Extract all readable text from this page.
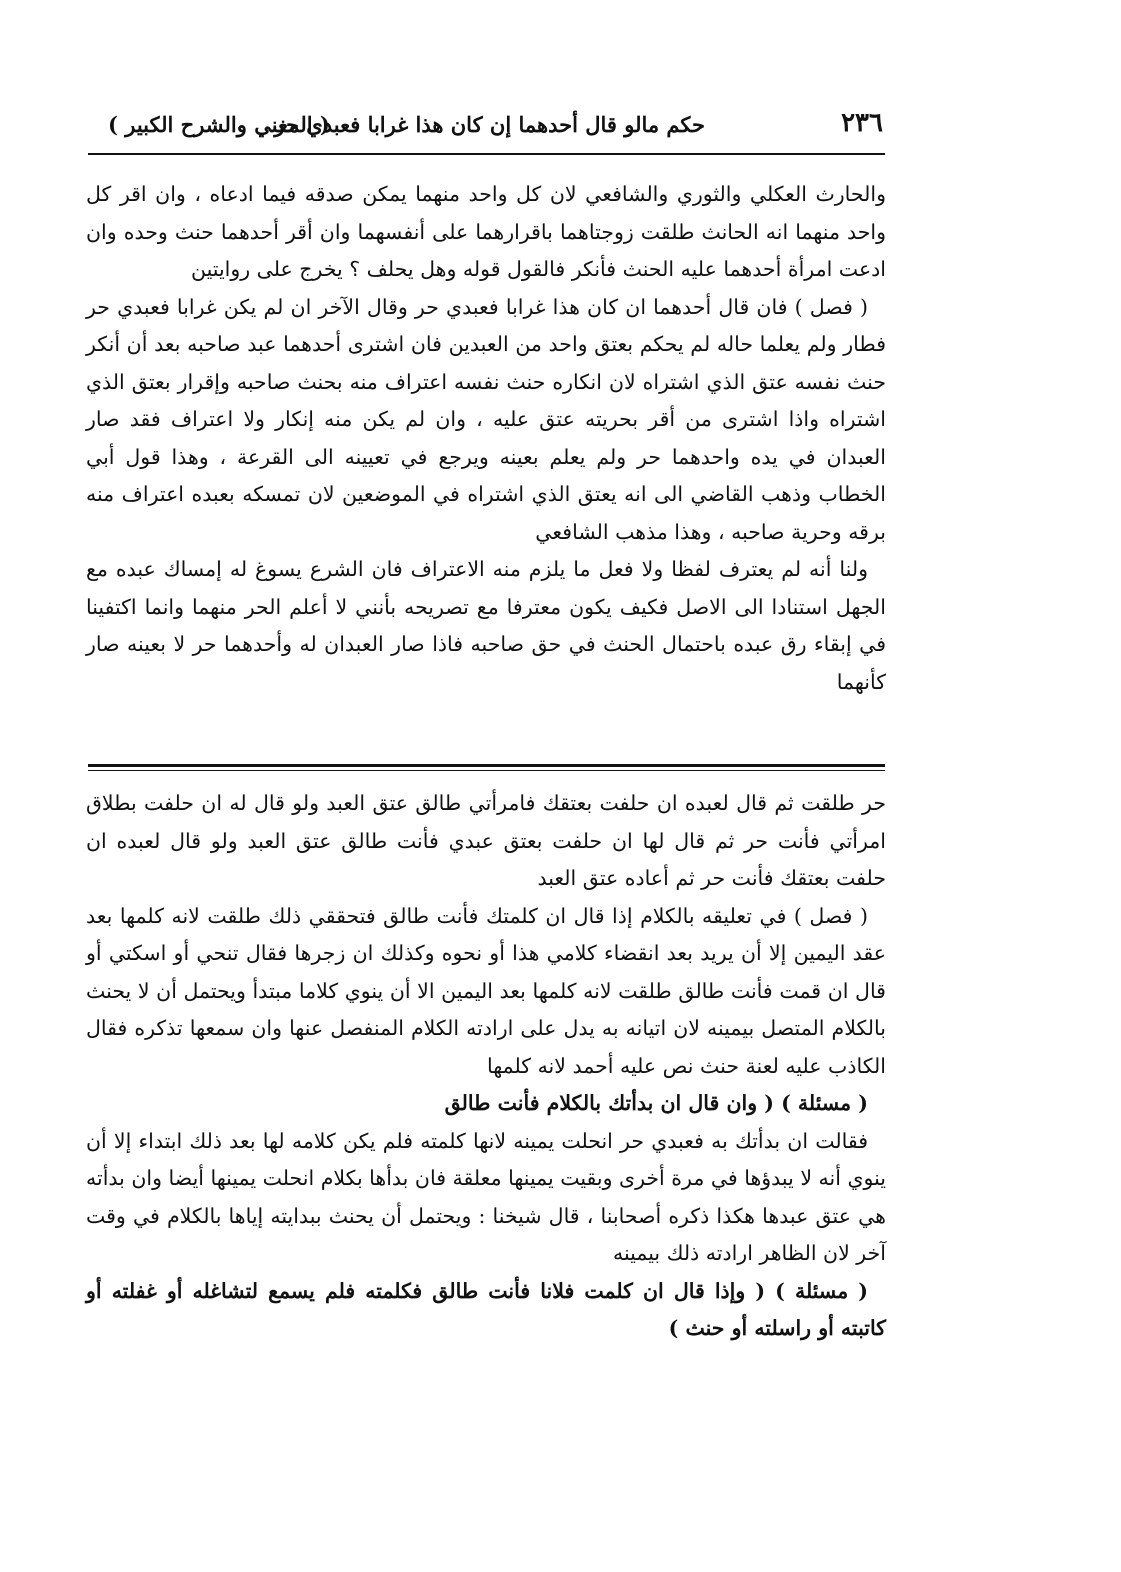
٢٣٦
حكم مالو قال أحدهما إن كان هذا غرابا فعبدي حر
( المغني والشرح الكبير )

والحارث العكلي والثوري والشافعي لان كل واحد منهما يمكن صدقه فيما ادعاه ، وان اقر كل واحد منهما انه الحانث طلقت زوجتاهما باقرارهما على أنفسهما وان أقر أحدهما حنث وحده وان ادعت امرأة أحدهما عليه الحنث فأنكر فالقول قوله وهل يحلف ؟ يخرج على روايتين

( فصل ) فان قال أحدهما ان كان هذا غرابا فعبدي حر وقال الآخر ان لم يكن غرابا فعبدي حر فطار ولم يعلما حاله لم يحكم بعتق واحد من العبدين فان اشترى أحدهما عبد صاحبه بعد أن أنكر حنث نفسه عتق الذي اشتراه لان انكاره حنث نفسه اعتراف منه بحنث صاحبه وإقرار بعتق الذي اشتراه واذا اشترى من أقر بحريته عتق عليه ، وان لم يكن منه إنكار ولا اعتراف فقد صار العبدان في يده واحدهما حر ولم يعلم بعينه ويرجع في تعيينه الى القرعة ، وهذا قول أبي الخطاب وذهب القاضي الى انه يعتق الذي اشتراه في الموضعين لان تمسكه بعبده اعتراف منه برقه وحرية صاحبه ، وهذا مذهب الشافعي

ولنا أنه لم يعترف لفظا ولا فعل ما يلزم منه الاعتراف فان الشرع يسوغ له إمساك عبده مع الجهل استنادا الى الاصل فكيف يكون معترفا مع تصريحه بأنني لا أعلم الحر منهما وانما اكتفينا في إبقاء رق عبده باحتمال الحنث في حق صاحبه فاذا صار العبدان له وأحدهما حر لا بعينه صار كأنهما

حر طلقت ثم قال لعبده ان حلفت بعتقك فامرأتي طالق عتق العبد ولو قال له ان حلفت بطلاق امرأتي فأنت حر ثم قال لها ان حلفت بعتق عبدي فأنت طالق عتق العبد ولو قال لعبده ان حلفت بعتقك فأنت حر ثم أعاده عتق العبد

( فصل ) في تعليقه بالكلام إذا قال ان كلمتك فأنت طالق فتحققي ذلك طلقت لانه كلمها بعد عقد اليمين إلا أن يريد بعد انقضاء كلامي هذا أو نحوه وكذلك ان زجرها فقال تنحي أو اسكتي أو قال ان قمت فأنت طالق طلقت لانه كلمها بعد اليمين الا أن ينوي كلاما مبتدأ ويحتمل أن لا يحنث بالكلام المتصل بيمينه لان اتيانه به يدل على ارادته الكلام المنفصل عنها وان سمعها تذكره فقال الكاذب عليه لعنة حنث نص عليه أحمد لانه كلمها

( مسئلة ) ( وان قال ان بدأتك بالكلام فأنت طالق

فقالت ان بدأتك به فعبدي حر انحلت يمينه لانها كلمته فلم يكن كلامه لها بعد ذلك ابتداء إلا أن ينوي أنه لا يبدؤها في مرة أخرى وبقيت يمينها معلقة فان بدأها بكلام انحلت يمينها أيضا وان بدأته هي عتق عبدها هكذا ذكره أصحابنا ، قال شيخنا : ويحتمل أن يحنث ببدايته إياها بالكلام في وقت آخر لان الظاهر ارادته ذلك بيمينه

( مسئلة ) ( وإذا قال ان كلمت فلانا فأنت طالق فكلمته فلم يسمع لتشاغله أو غفلته أو كاتبته أو راسلته أو حنث )
